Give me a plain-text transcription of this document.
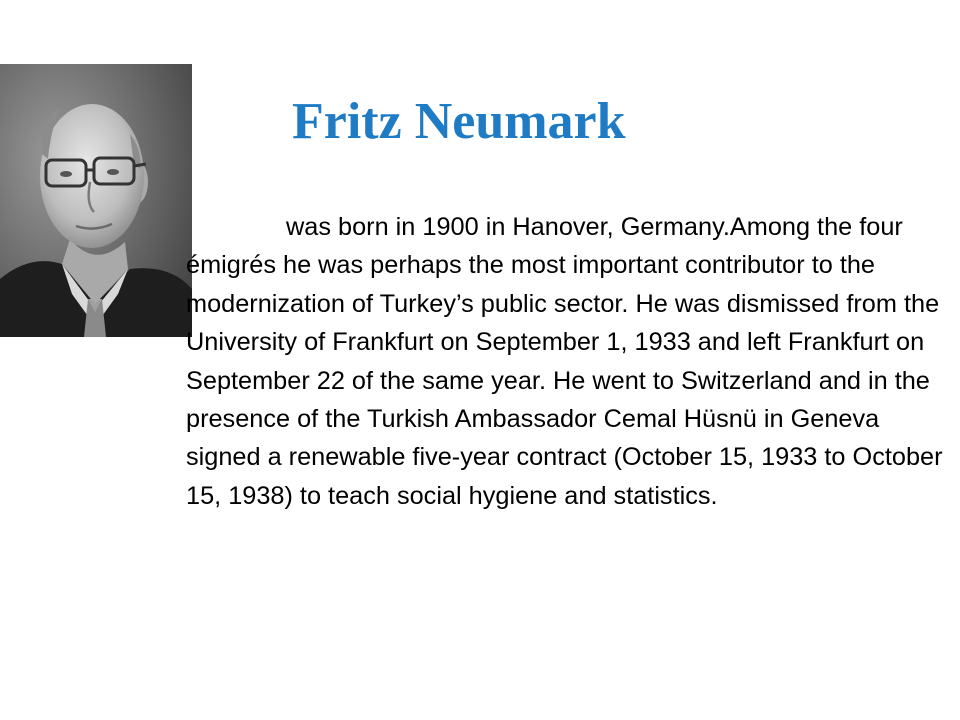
Fritz Neumark

was born in 1900 in Hanover, Germany.Among the four émigrés he was perhaps the most important contributor to the modernization of Turkey’s public sector. He was dismissed from the University of Frankfurt on September 1, 1933 and left Frankfurt on September 22 of the same year. He went to Switzerland and in the presence of the Turkish Ambassador Cemal Hüsnü in Geneva signed a renewable five-year contract (October 15, 1933 to October 15, 1938) to teach social hygiene and statistics.
